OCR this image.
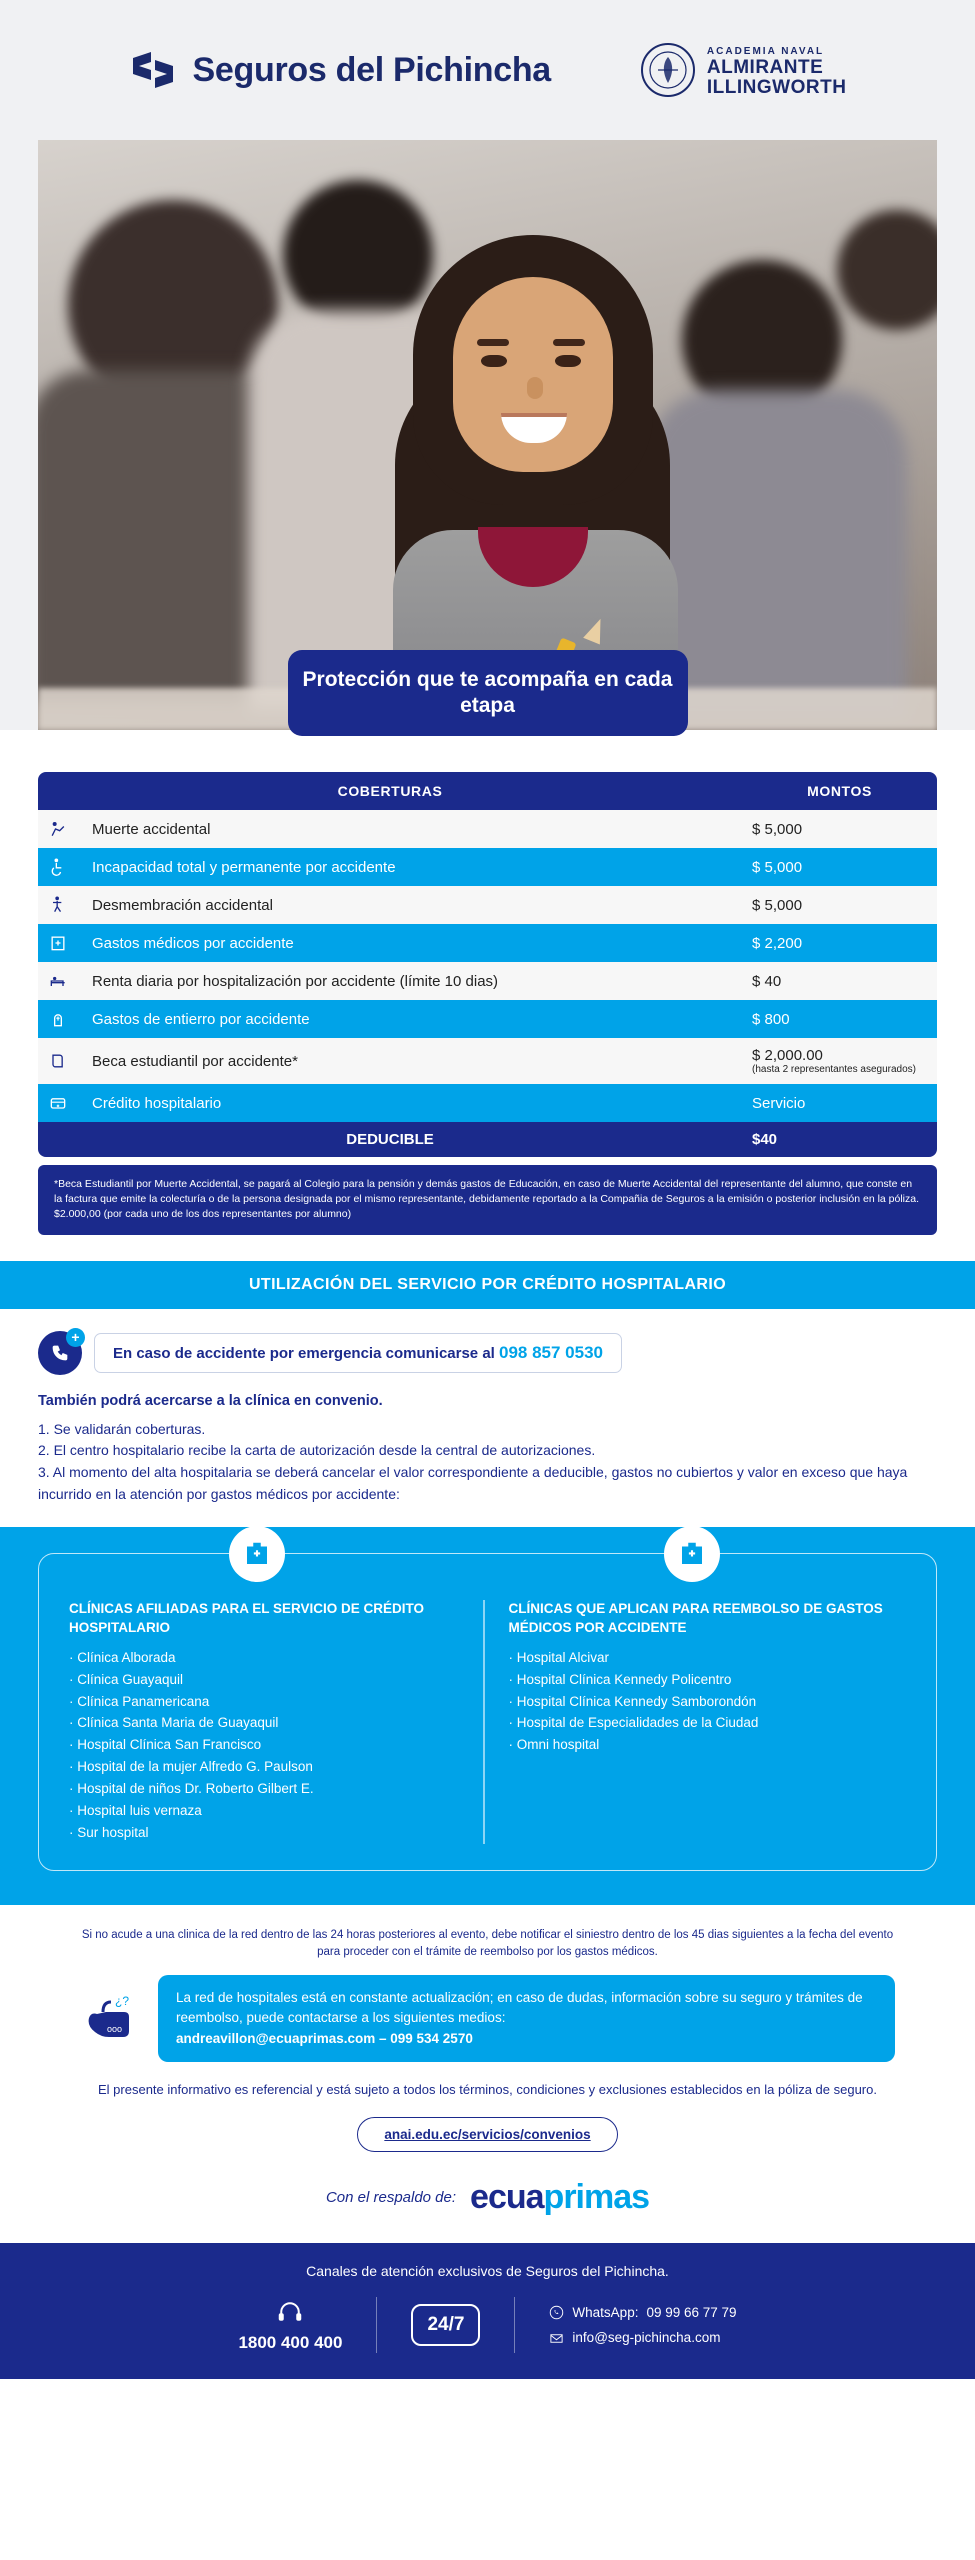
Seguros del Pichincha	ACADEMIA NAVAL
ALMIRANTE
ILLINGWORTH
Protección que te acompaña en cada etapa
COBERTURAS		MONTOS

	Muerte accidental	$ 5,000

	Incapacidad total y permanente por accidente	$ 5,000

	Desmembración accidental	$ 5,000

	Gastos médicos por accidente	$ 2,200

	Renta diaria por hospitalización por accidente (límite 10 dias)	$ 40

	Gastos de entierro por accidente	$ 800

	Beca estudiantil por accidente*	$ 2,000.00
(hasta 2 representantes asegurados)

	Crédito hospitalario	Servicio
DEDUCIBLE		$40
*Beca Estudiantil por Muerte Accidental, se pagará al Colegio para la pensión y demás gastos de Educación, en caso de Muerte Accidental del representante del alumno, que conste en la factura que emite la colecturía o de la persona designada por el mismo representante, debidamente reportado a la Compañia de Seguros a la emisión o posterior inclusión en la póliza. $2.000,00 (por cada uno de los dos representantes por alumno)
UTILIZACIÓN DEL SERVICIO POR CRÉDITO HOSPITALARIO
+
En caso de accidente por emergencia comunicarse al 098 857 0530
También podrá acercarse a la clínica en convenio.
1. Se validarán coberturas.
2. El centro hospitalario recibe la carta de autorización desde la central de autorizaciones.
3. Al momento del alta hospitalaria se deberá cancelar el valor correspondiente a deducible, gastos no cubiertos y valor en exceso que haya incurrido en la atención por gastos médicos por accidente:
CLÍNICAS AFILIADAS PARA EL SERVICIO DE CRÉDITO HOSPITALARIO
· Clínica Alborada
· Clínica Guayaquil
· Clínica Panamericana
· Clínica Santa Maria de Guayaquil
· Hospital Clínica San Francisco
· Hospital de la mujer Alfredo G. Paulson
· Hospital de niños Dr. Roberto Gilbert E.
· Hospital luis vernaza
· Sur hospital
CLÍNICAS QUE APLICAN PARA REEMBOLSO DE GASTOS MÉDICOS POR ACCIDENTE
· Hospital Alcivar
· Hospital Clínica Kennedy Policentro
· Hospital Clínica Kennedy Samborondón
· Hospital de Especialidades de la Ciudad
· Omni hospital
Si no acude a una clinica de la red dentro de las 24 horas posteriores al evento, debe notificar el siniestro dentro de los 45 dias siguientes a la fecha del evento para proceder con el trámite de reembolso por los gastos médicos.
¿?
ooo
La red de hospitales está en constante actualización; en caso de dudas, información sobre su seguro y trámites de reembolso, puede contactarse a los siguientes medios:
andreavillon@ecuaprimas.com – 099 534 2570
El presente informativo es referencial y está sujeto a todos los términos, condiciones y exclusiones establecidos en la póliza de seguro.
anai.edu.ec/servicios/convenios
Con el respaldo de: ecuaprimas
Canales de atención exclusivos de Seguros del Pichincha.
1800 400 400
24/7
WhatsApp: 09 99 66 77 79
info@seg-pichincha.com
